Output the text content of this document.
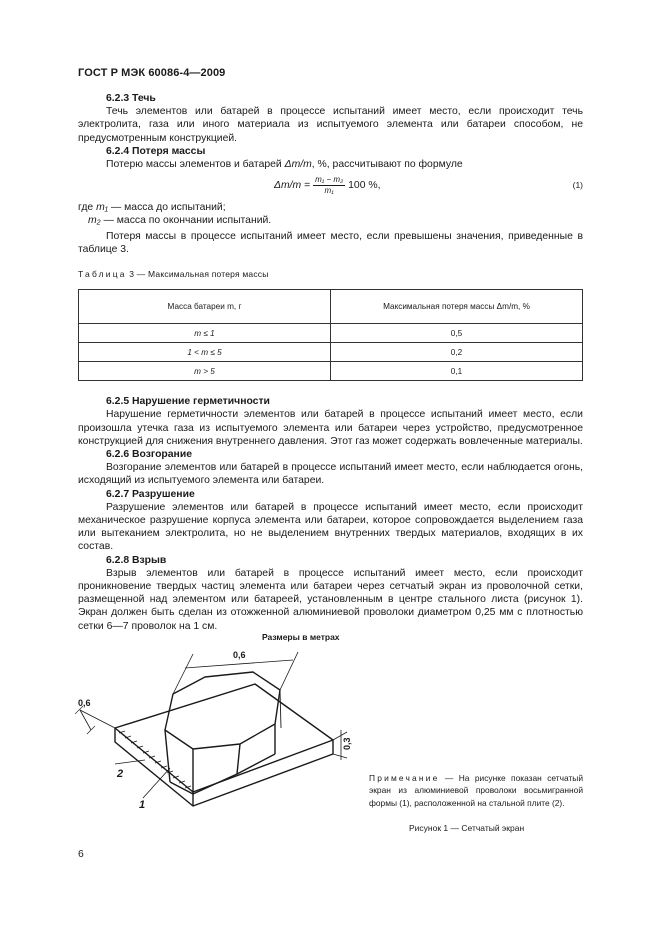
ГОСТ Р МЭК 60086-4—2009

6.2.3 Течь

Течь элементов или батарей в процессе испытаний имеет место, если происходит течь электролита, газа или иного материала из испытуемого элемента или батареи способом, не предусмотренным конструкцией.

6.2.4 Потеря массы

Потерю массы элементов и батарей Δm/m, %, рассчитывают по формуле

$\Delta m/m = \frac{\text{m₁ − m₂}}{\text{m₁}} 100$ %,	(1)

где m₁ — масса до испытаний;

m₂ — масса по окончании испытаний.

Потеря массы в процессе испытаний имеет место, если превышены значения, приведенные в таблице 3.

Таблица 3 — Максимальная потеря массы
Масса батареи m, г	Максимальная потеря массы Δm/m, %
m ≤ 1	0,5
1 < m ≤ 5	0,2
m > 5	0,1

6.2.5 Нарушение герметичности

Нарушение герметичности элементов или батарей в процессе испытаний имеет место, если произошла утечка газа из испытуемого элемента или батареи через устройство, предусмотренное конструкцией для снижения внутреннего давления. Этот газ может содержать вовлеченные материалы.

6.2.6 Возгорание

Возгорание элементов или батарей в процессе испытаний имеет место, если наблюдается огонь, исходящий из испытуемого элемента или батареи.

6.2.7 Разрушение

Разрушение элементов или батарей в процессе испытаний имеет место, если происходит механическое разрушение корпуса элемента или батареи, которое сопровождается выделением газа или вытеканием электролита, но не выделением внутренних твердых материалов, входящих в их состав.

6.2.8 Взрыв

Взрыв элементов или батарей в процессе испытаний имеет место, если происходит проникновение твердых частиц элемента или батареи через сетчатый экран из проволочной сетки, размещенной над элементом или батареей, установленным в центре стального листа (рисунок 1). Экран должен быть сделан из отожженной алюминиевой проволоки диаметром 0,25 мм с плотностью сетки 6—7 проволок на 1 см.

Размеры в метрах
0,6
0,6
0,3
2
1
Примечание — На рисунке показан сетчатый экран из алюминиевой проволоки восьмигранной формы (1), расположенной на стальной плите (2).
Рисунок 1 — Сетчатый экран
6
